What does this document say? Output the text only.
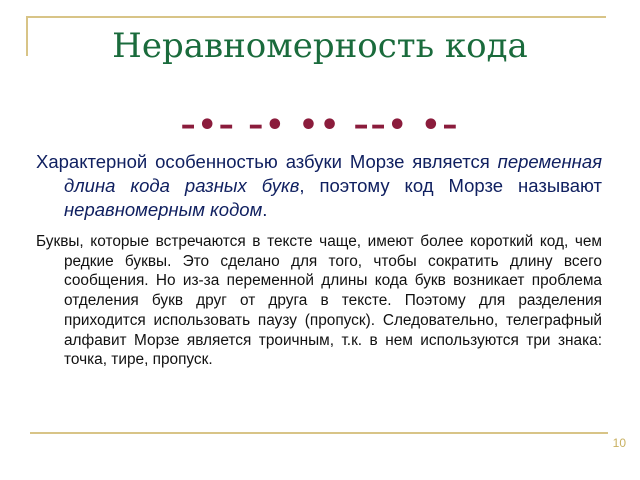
Неравномерность кода
–•– –• •• ––• •–
Характерной особенностью азбуки Морзе является переменная длина кода разных букв, поэтому код Морзе называют неравномерным кодом.
Буквы, которые встречаются в тексте чаще, имеют более короткий код, чем редкие буквы. Это сделано для того, чтобы сократить длину всего сообщения. Но из-за переменной длины кода букв возникает проблема отделения букв друг от друга в тексте. Поэтому для разделения приходится использовать паузу (пропуск). Следовательно, телеграфный алфавит Морзе является троичным, т.к. в нем используются три знака: точка, тире, пропуск.
10
